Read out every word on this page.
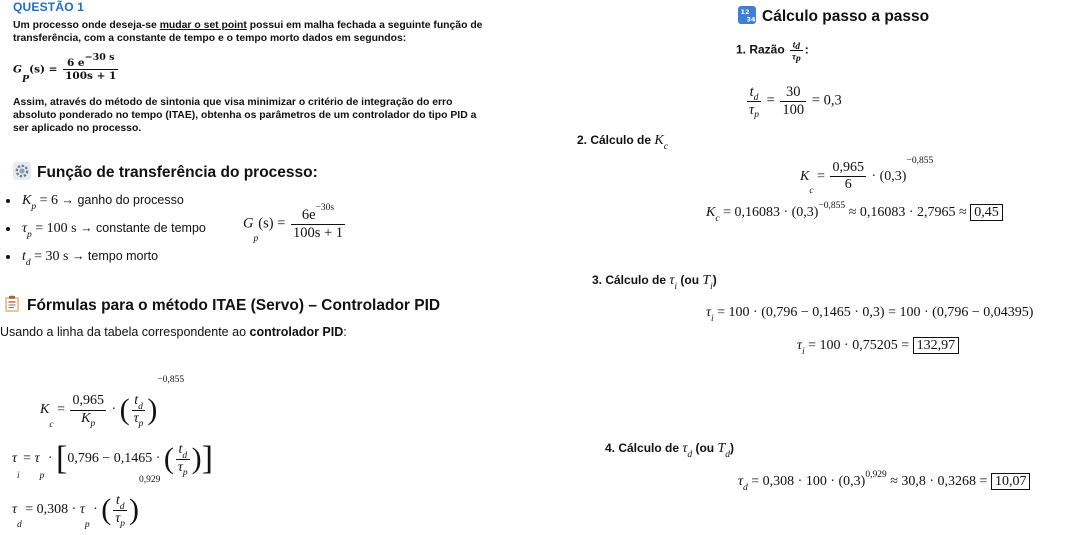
QUESTÃO 1
Um processo onde deseja-se mudar o set point possui em malha fechada a seguinte função de
transferência, com a constante de tempo e o tempo morto dados em segundos:
$GP(s) = \frac{6 e-30 s}{100s + 1}$
Assim, através do método de sintonia que visa minimizar o critério de integração do erro absoluto ponderado no tempo (ITAE), obtenha os parâmetros de um controlador do tipo PID a ser aplicado no processo.
Função de transferência do processo:
$K_p = 6$ → ganho do processo
$\tau_p = 100$ s → constante de tempo
$t_d = 30$ s → tempo morto
$G_p(s) = \frac{6e^{-30s}}{100s + 1}$
Fórmulas para o método ITAE (Servo) – Controlador PID
Usando a linha da tabela correspondente ao controlador PID:
$K_c = \frac{0,965}{K_p}$ · ( $\frac{t_d}{\tau_p} )^{-0,855}$
$\tau_i = \tau_p \cdot [0,796 - 0,1465$ · ( $\frac{t_d}{\tau_p}$ )]
$\tau_d = 0,308 \cdot \tau_p$ · ( $\frac{t_d}{\tau_p} )^{0,929}$
12
34 Cálculo passo a passo
1. Razão $\frac{td}{\tau p}$ :
$\frac{t_d}{\tau_p} = \frac{30}{100} = 0,3$
2. Cálculo de $K_c$
$K_c = \frac{0,965}{6} \cdot (0,3)^{-0,855}$
$K_c = 0,16083 \cdot (0,3)^{-0,855} \approx 0,16083 \cdot 2,7965 \approx 0,45$
3. Cálculo de $\tau_i$ (ou $T_i$)
$\tau_i = 100 \cdot (0,796 - 0,1465 \cdot 0,3) = 100 \cdot (0,796 - 0,04395)$
$\tau_i = 100 \cdot 0,75205 = 132,97$
4. Cálculo de $\tau_d$ (ou $T_d$)
$\tau_d = 0,308 \cdot 100 \cdot (0,3)^{0,929} \approx 30,8 \cdot 0,3268 = 10,07$
